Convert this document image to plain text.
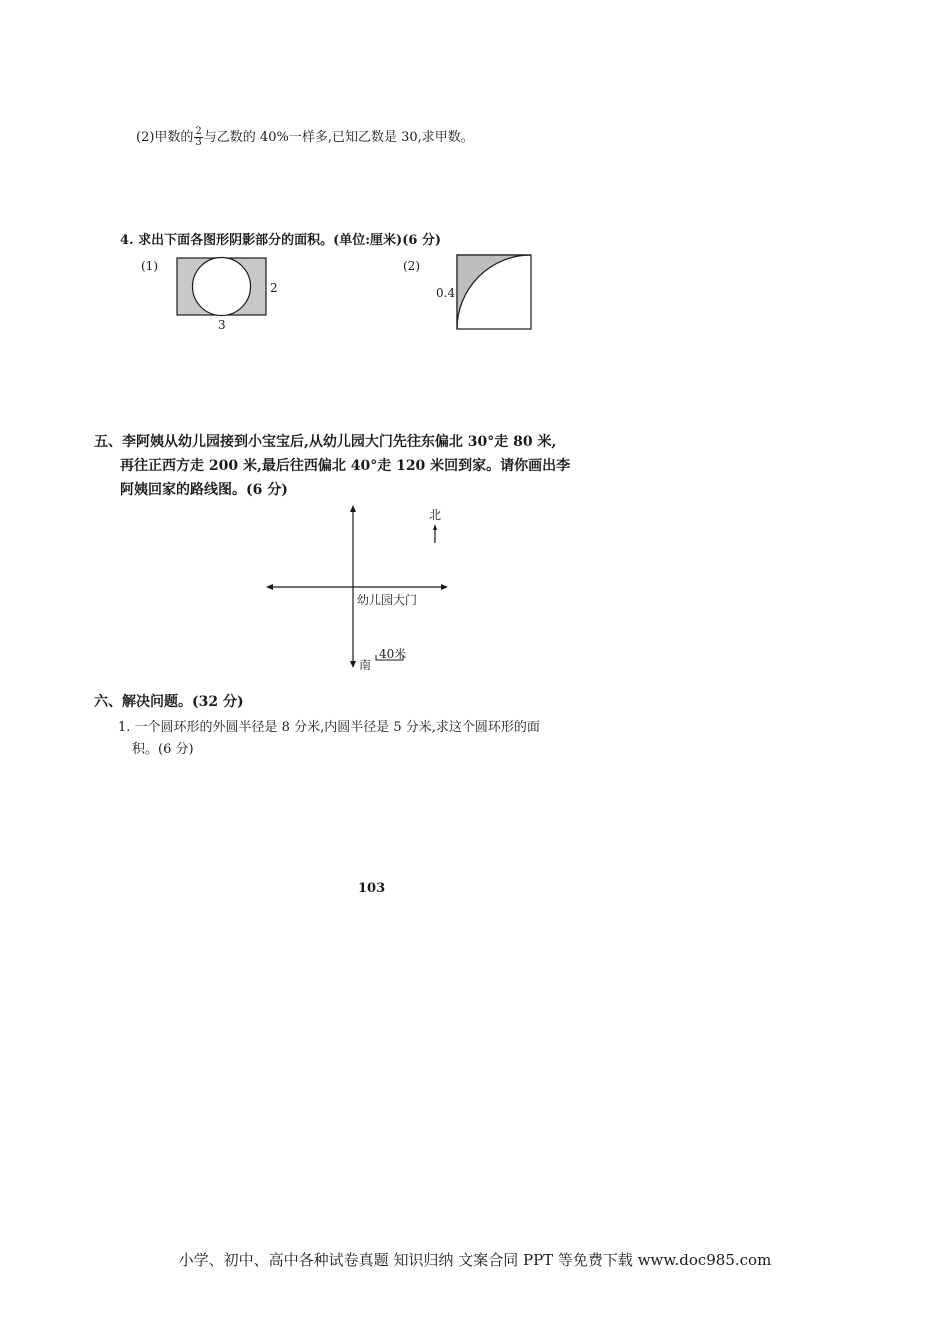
(2)甲数的 $\frac{2}{3}$ 与乙数的 40%一样多,已知乙数是 30,求甲数。
4. 求出下面各图形阴影部分的面积。(单位:厘米)(6 分)
(1)
2
3
(2)
0.4
五、李阿姨从幼儿园接到小宝宝后,从幼儿园大门先往东偏北 30°走 80 米,
再往正西方走 200 米,最后往西偏北 40°走 120 米回到家。请你画出李
阿姨回家的路线图。(6 分)
北
幼儿园大门
南
40米
六、解决问题。(32 分)
1. 一个圆环形的外圆半径是 8 分米,内圆半径是 5 分米,求这个圆环形的面
积。(6 分)
103
小学、初中、高中各种试卷真题 知识归纳 文案合同 PPT 等免费下载 www.doc985.com
